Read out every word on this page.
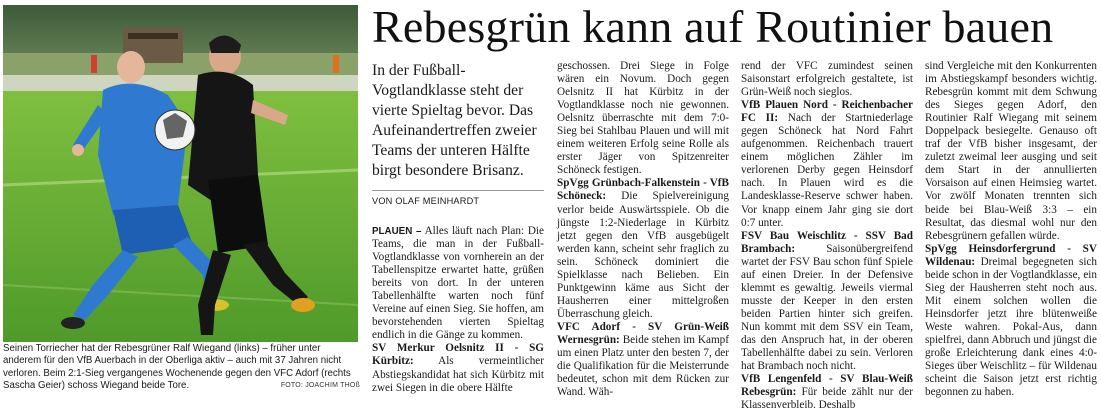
Seinen Torriecher hat der Rebesgrüner Ralf Wiegand (links) – früher unter anderem für den VfB Auerbach in der Oberliga aktiv – auch mit 37 Jahren nicht verloren. Beim 2:1-Sieg vergangenes Wochenende gegen den VFC Adorf (rechts Sascha Geier) schoss Wiegand beide Tore.	FOTO: JOACHIM THOß
Rebesgrün kann auf Routinier bauen
In der Fußball-Vogtlandklasse steht der vierte Spieltag bevor. Das Aufeinandertreffen zweier Teams der unteren Hälfte birgt besondere Brisanz.
VON OLAF MEINHARDT

PLAUEN – Alles läuft nach Plan: Die Teams, die man in der Fußball-Vogtlandklasse von vornherein an der Tabellenspitze erwartet hatte, grüßen bereits von dort. In der unteren Tabellenhälfte warten noch fünf Vereine auf einen Sieg. Sie hoffen, am bevorstehenden vierten Spieltag endlich in die Gänge zu kommen.

SV Merkur Oelsnitz II - SG Kürbitz: Als vermeintlicher Abstiegskandidat hat sich Kürbitz mit zwei Siegen in die obere Hälfte

geschossen. Drei Siege in Folge wären ein Novum. Doch gegen Oelsnitz II hat Kürbitz in der Vogtlandklasse noch nie gewonnen. Oelsnitz überraschte mit dem 7:0-Sieg bei Stahlbau Plauen und will mit einem weiteren Erfolg seine Rolle als erster Jäger von Spitzenreiter Schöneck festigen.

SpVgg Grünbach-Falkenstein - VfB Schöneck: Die Spielvereinigung verlor beide Auswärtsspiele. Ob die jüngste 1:2-Niederlage in Kürbitz jetzt gegen den VfB ausgebügelt werden kann, scheint sehr fraglich zu sein. Schöneck dominiert die Spielklasse nach Belieben. Ein Punktgewinn käme aus Sicht der Hausherren einer mittelgroßen Überraschung gleich.

VFC Adorf - SV Grün-Weiß Wernesgrün: Beide stehen im Kampf um einen Platz unter den besten 7, der die Qualifikation für die Meisterrunde bedeutet, schon mit dem Rücken zur Wand. Wäh-

rend der VFC zumindest seinen Saisonstart erfolgreich gestaltete, ist Grün-Weiß noch sieglos.

VfB Plauen Nord - Reichenbacher FC II: Nach der Startniederlage gegen Schöneck hat Nord Fahrt aufgenommen. Reichenbach trauert einem möglichen Zähler im verlorenen Derby gegen Heinsdorf nach. In Plauen wird es die Landesklasse-Reserve schwer haben. Vor knapp einem Jahr ging sie dort 0:7 unter.

FSV Bau Weischlitz - SSV Bad Brambach: Saisonübergreifend wartet der FSV Bau schon fünf Spiele auf einen Dreier. In der Defensive klemmt es gewaltig. Jeweils viermal musste der Keeper in den ersten beiden Partien hinter sich greifen. Nun kommt mit dem SSV ein Team, das den Anspruch hat, in der oberen Tabellenhälfte dabei zu sein. Verloren hat Brambach noch nicht.

VfB Lengenfeld - SV Blau-Weiß Rebesgrün: Für beide zählt nur der Klassenverbleib. Deshalb

sind Vergleiche mit den Konkurrenten im Abstiegskampf besonders wichtig. Rebesgrün kommt mit dem Schwung des Sieges gegen Adorf, den Routinier Ralf Wiegang mit seinem Doppelpack besiegelte. Genauso oft traf der VfB bisher insgesamt, der zuletzt zweimal leer ausging und seit dem Start in der annullierten Vorsaison auf einen Heimsieg wartet. Vor zwölf Monaten trennten sich beide bei Blau-Weiß 3:3 – ein Resultat, das diesmal wohl nur den Rebesgrünern gefallen würde.

SpVgg Heinsdorfergrund - SV Wildenau: Dreimal begegneten sich beide schon in der Vogtlandklasse, ein Sieg der Hausherren steht noch aus. Mit einem solchen wollen die Heinsdorfer jetzt ihre blütenweiße Weste wahren. Pokal-Aus, dann spielfrei, dann Abbruch und jüngst die große Erleichterung dank eines 4:0-Sieges über Weischlitz – für Wildenau scheint die Saison jetzt erst richtig begonnen zu haben.
